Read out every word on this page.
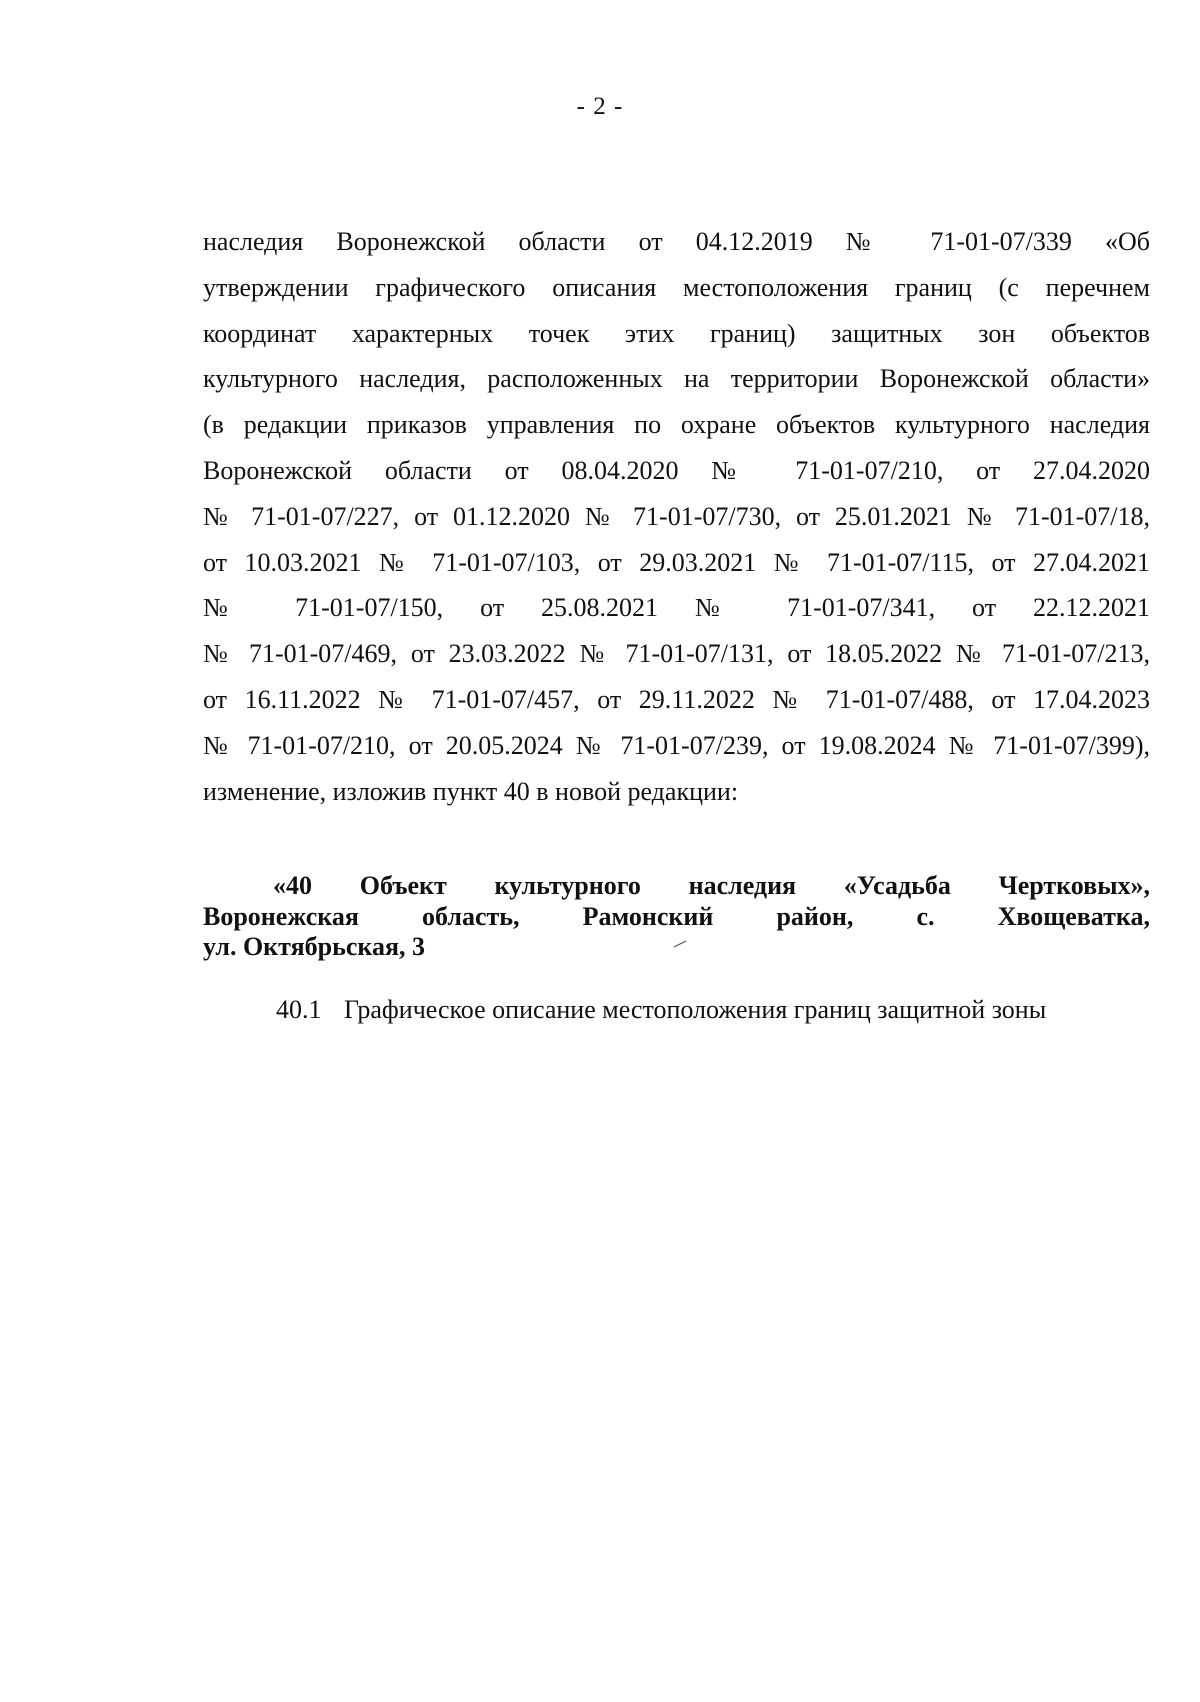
- 2 -
наследия Воронежской области от 04.12.2019 № 71-01-07/339 «Об
утверждении графического описания местоположения границ (с перечнем
координат характерных точек этих границ) защитных зон объектов
культурного наследия, расположенных на территории Воронежской области»
(в редакции приказов управления по охране объектов культурного наследия
Воронежской области от 08.04.2020 № 71-01-07/210, от 27.04.2020
№ 71-01-07/227, от 01.12.2020 № 71-01-07/730, от 25.01.2021 № 71-01-07/18,
от 10.03.2021 № 71-01-07/103, от 29.03.2021 № 71-01-07/115, от 27.04.2021
№ 71-01-07/150, от 25.08.2021 № 71-01-07/341, от 22.12.2021
№ 71-01-07/469, от 23.03.2022 № 71-01-07/131, от 18.05.2022 № 71-01-07/213,
от 16.11.2022 № 71-01-07/457, от 29.11.2022 № 71-01-07/488, от 17.04.2023
№ 71-01-07/210, от 20.05.2024 № 71-01-07/239, от 19.08.2024 № 71-01-07/399),
изменение, изложив пункт 40 в новой редакции:
«40 Объект культурного наследия «Усадьба Чертковых»,
Воронежская область, Рамонский район, с. Хвощеватка,
ул. Октябрьская, 3
40.1 Графическое описание местоположения границ защитной зоны
